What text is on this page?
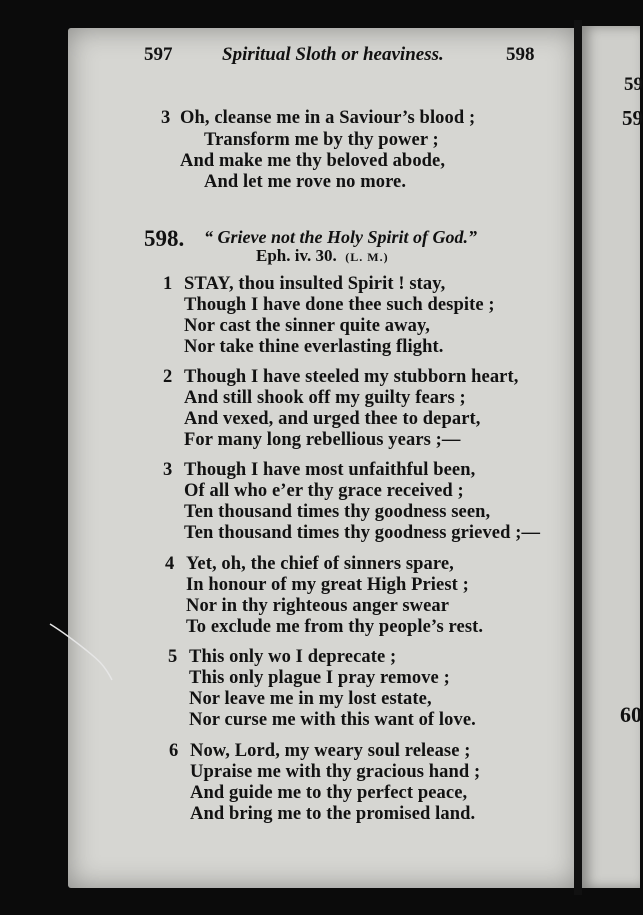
59
59
60
597	Spiritual Sloth or heaviness.	598
3 Oh, cleanse me in a Saviour’s blood ;
Transform me by thy power ;
And make me thy beloved abode,
And let me rove no more.
598. “ Grieve not the Holy Spirit of God.”
Eph. iv. 30. (L. M.)
1 STAY, thou insulted Spirit ! stay,
Though I have done thee such despite ;
Nor cast the sinner quite away,
Nor take thine everlasting flight.
2 Though I have steeled my stubborn heart,
And still shook off my guilty fears ;
And vexed, and urged thee to depart,
For many long rebellious years ;—
3 Though I have most unfaithful been,
Of all who e’er thy grace received ;
Ten thousand times thy goodness seen,
Ten thousand times thy goodness grieved ;—
4 Yet, oh, the chief of sinners spare,
In honour of my great High Priest ;
Nor in thy righteous anger swear
To exclude me from thy people’s rest.
5 This only wo I deprecate ;
This only plague I pray remove ;
Nor leave me in my lost estate,
Nor curse me with this want of love.
6 Now, Lord, my weary soul release ;
Upraise me with thy gracious hand ;
And guide me to thy perfect peace,
And bring me to the promised land.
